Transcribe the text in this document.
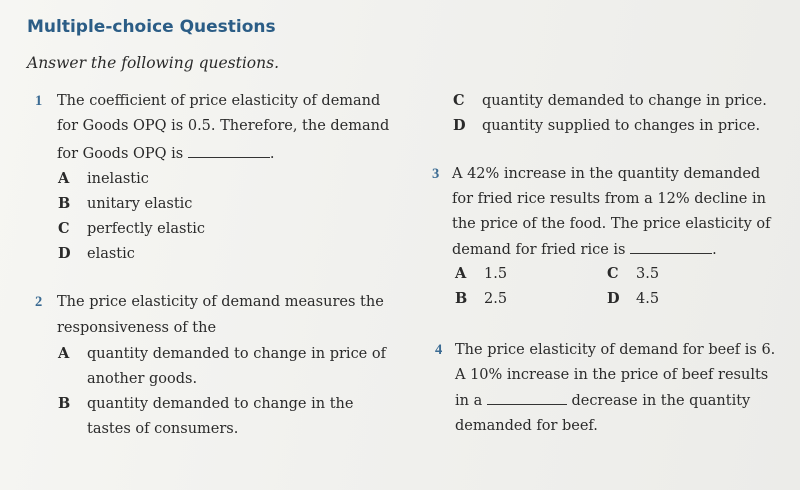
Multiple-choice Questions
Answer the following questions.
1 The coefficient of price elasticity of demand
for Goods OPQ is 0.5. Therefore, the demand
for Goods OPQ is	.
A inelastic
B unitary elastic
C perfectly elastic
D elastic
2 The price elasticity of demand measures the
responsiveness of the
A quantity demanded to change in price of
another goods.
B quantity demanded to change in the
tastes of consumers.
C quantity demanded to change in price.
D quantity supplied to changes in price.
3 A 42% increase in the quantity demanded
for fried rice results from a 12% decline in
the price of the food. The price elasticity of
demand for fried rice is	.
A 1.5
B 2.5
C 3.5
D 4.5
4 The price elasticity of demand for beef is 6.
A 10% increase in the price of beef results
in a	decrease in the quantity
demanded for beef.
